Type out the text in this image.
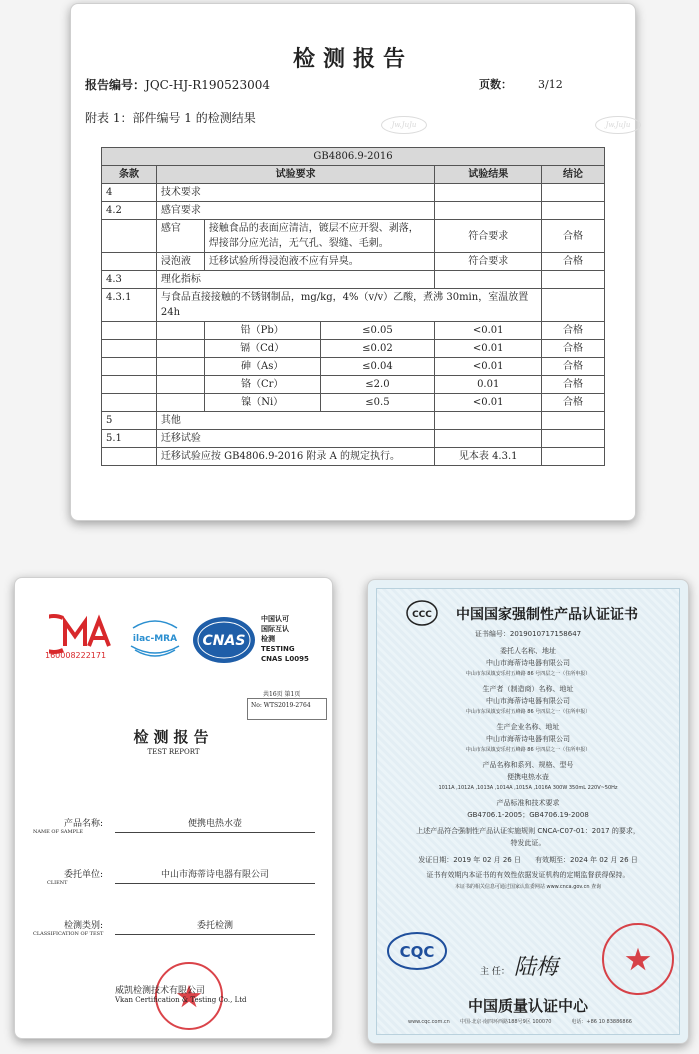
检测报告
报告编号：JQC-HJ-R190523004	页数： 3/12
附表 1：部件编号 1 的检测结果	Jw.JuJu	Jw.JuJu
GB4806.9-2016					
条款	试验要求			试验结果	结论
4	技术要求				
4.2	感官要求				
	感官	接触食品的表面应清洁，镀层不应开裂、剥落， 焊接部分应光洁，无气孔、裂缝、毛刺。		符合要求	合格
	浸泡液	迁移试验所得浸泡液不应有异臭。		符合要求	合格
4.3	理化指标				
4.3.1	与食品直接接触的不锈钢制品，mg/kg，4%（v/v）乙酸，煮沸 30min，室温放置 24h				
		铅（Pb）	≤0.05	<0.01	合格
		镉（Cd）	≤0.02	<0.01	合格
		砷（As）	≤0.04	<0.01	合格
		铬（Cr）	≤2.0	0.01	合格
		镍（Ni）	≤0.5	<0.01	合格
5	其他				
5.1	迁移试验				
	迁移试验应按 GB4806.9-2016 附录 A 的规定执行。			见本表 4.3.1	
160008222171
ilac-MRA CNAS
中国认可
国际互认
检测
TESTING
CNAS L0095
共16页 第1页
No: WTS2019-2764
检测报告
TEST REPORT
产品名称:
NAME OF SAMPLE
便携电热水壶
委托单位:
CLIENT
中山市海蒂诗电器有限公司
检测类别:
CLASSIFICATION OF TEST
委托检测
威凯检测技术有限公司
Vkan Certification & Testing Co., Ltd
CCC 中国国家强制性产品认证证书
证书编号：2019010717158647
委托人名称、地址
中山市海蒂诗电器有限公司
中山市东凤镇安乐村五峰路 86 号四层之一（住所申报）
生产者（制造商）名称、地址
中山市海蒂诗电器有限公司
中山市东凤镇安乐村五峰路 86 号四层之一（住所申报）
生产企业名称、地址
中山市海蒂诗电器有限公司
中山市东凤镇安乐村五峰路 86 号四层之一（住所申报）
产品名称和系列、规格、型号
便携电热水壶
1011A ,1012A ,1013A ,1014A ,1015A ,1016A 300W 350mL 220V~50Hz
产品标准和技术要求
GB4706.1-2005；GB4706.19-2008
上述产品符合强制性产品认证实施规则 CNCA-C07-01：2017 的要求，
特发此证。
发证日期：2019 年 02 月 26 日　　有效期至：2024 年 02 月 26 日
证书有效期内本证书的有效性依据发证机构的定期监督获得保持。
本证书的相关信息可通过国家认监委网站 www.cnca.gov.cn 查询
CQC
主 任： 陆梅
中国质量认证中心
www.cqc.com.cn　　中国·北京·南四环西路188号9区 100070　　　　电话：+86 10 83886866
